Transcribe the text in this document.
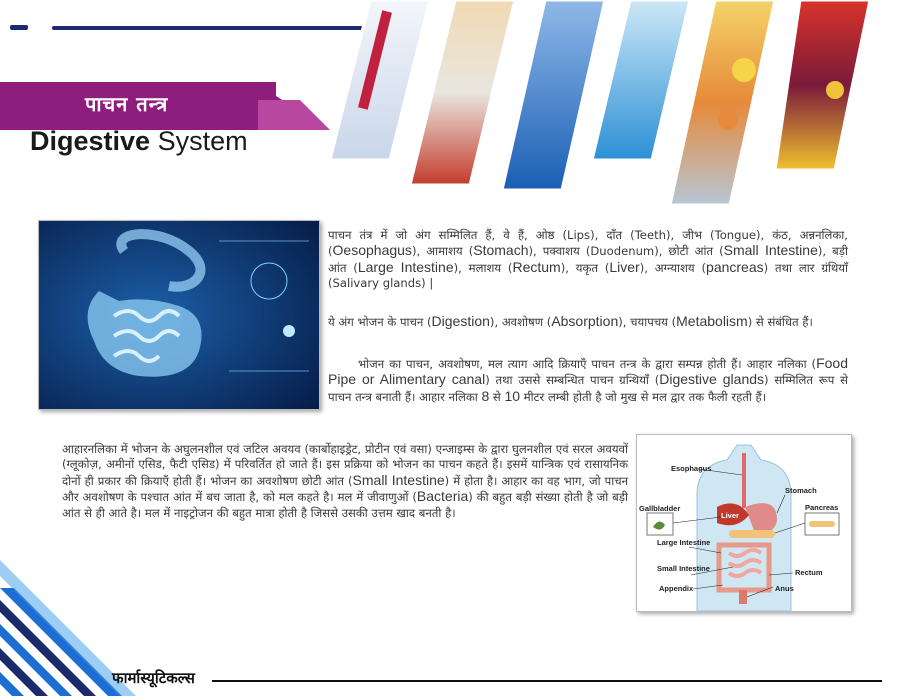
पाचन तन्त्र
Digestive System
पाचन तंत्र में जो अंग सम्मिलित हैं, वे हैं, ओष्ठ (Lips), दाँत (Teeth), जीभ (Tongue), कंठ, अन्ननलिका, (Oesophagus), आमाशय (Stomach), पक्वाशय (Duodenum), छोटी आंत (Small Intestine), बड़ी आंत (Large Intestine), मलाशय (Rectum), यकृत (Liver), अग्न्याशय (pancreas) तथा लार ग्रंथियाँ (Salivary glands) |
ये अंग भोजन के पाचन (Digestion), अवशोषण (Absorption), चयापचय (Metabolism) से संबंधित हैं।
भोजन का पाचन, अवशोषण, मल त्याग आदि क्रियाएँ पाचन तन्त्र के द्वारा सम्पन्न होती हैं। आहार नलिका (Food Pipe or Alimentary canal) तथा उससे सम्बन्धित पाचन ग्रन्थियाँ (Digestive glands) सम्मिलित रूप से पाचन तन्त्र बनाती हैं। आहार नलिका 8 से 10 मीटर लम्बी होती है जो मुख से मल द्वार तक फैली रहती हैं।
आहारनलिका में भोजन के अघुलनशील एवं जटिल अवयव (कार्बोहाइड्रेट, प्रोटीन एवं वसा) एन्जाइम्स के द्वारा घुलनशील एवं सरल अवयवों (ग्लूकोज़, अमीनों एसिड, फैटी एसिड) में परिवर्तित हो जाते हैं। इस प्रक्रिया को भोजन का पाचन कहते हैं। इसमें यान्त्रिक एवं रासायनिक दोनों ही प्रकार की क्रियाएँ होती हैं। भोजन का अवशोषण छोटी आंत (Small Intestine) में होता है। आहार का वह भाग, जो पाचन और अवशोषण के पश्चात आंत में बच जाता है, को मल कहते है। मल में जीवाणुओं (Bacteria) की बहुत बड़ी संख्या होती है जो बड़ी आंत से ही आते है। मल में नाइट्रोजन की बहुत मात्रा होती है जिससे उसकी उत्तम खाद बनती है।
Esophagus
Stomach
Gallbladder
Liver
Pancreas
Large Intestine
Small Intestine	Rectum
Appendix	Anus
फार्मास्यूटिकल्स
